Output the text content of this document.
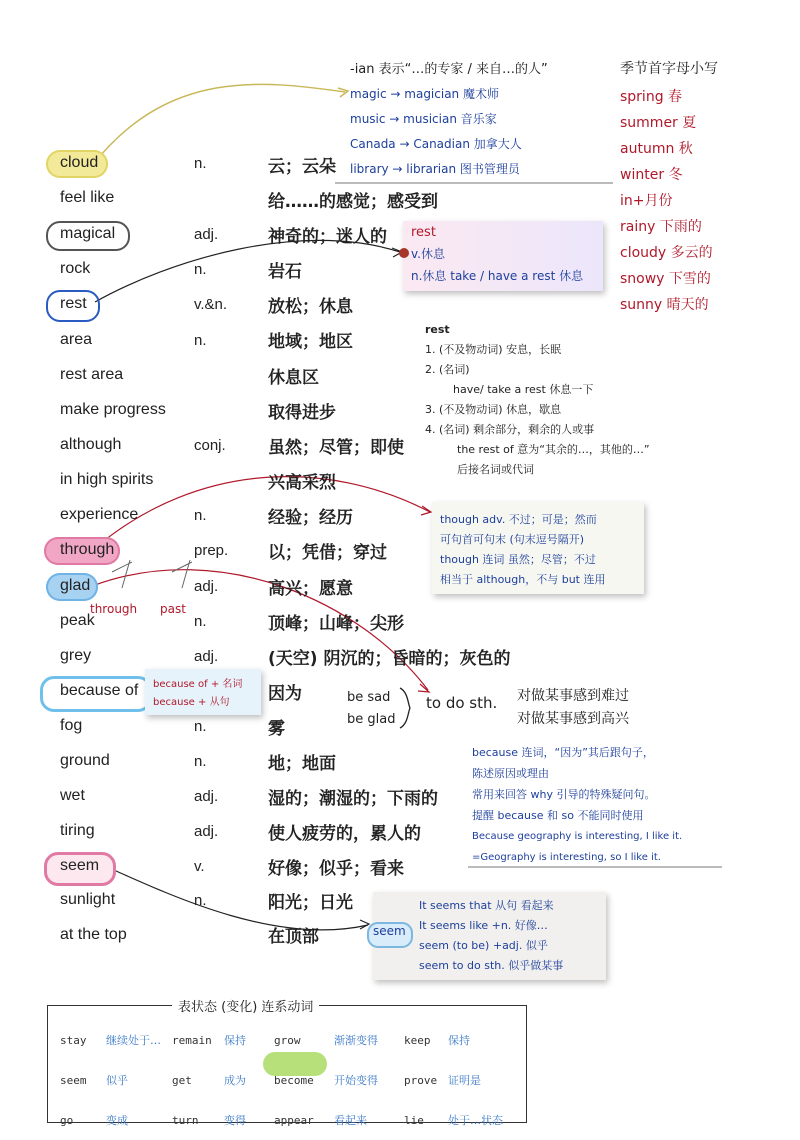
-ian 表示“…的专家 / 来自…的人”
magic → magician 魔术师
music → musician 音乐家
Canada → Canadian 加拿大人
library → librarian 图书管理员
季节首字母小写
spring 春
summer 夏
autumn 秋
winter 冬
in+月份
rainy 下雨的
cloudy 多云的
snowy 下雪的
sunny 晴天的
cloud	n.	云；云朵
feel like	给……的感觉；感受到
magical	adj.	神奇的；迷人的
rock	n.	岩石
rest	v.&n. 放松；休息
area	n.	地域；地区
rest area	休息区
make progress	取得进步
although	conj. 虽然；尽管；即使
in high spirits	兴高采烈
experience	n.	经验；经历
through	prep. 以；凭借；穿过
glad	adj.	高兴；愿意
peak	n.	顶峰；山峰；尖形
grey	adj.	(天空) 阴沉的；昏暗的；灰色的
because of	因为
fog	n.	雾
ground	n.	地；地面
wet	adj.	湿的；潮湿的；下雨的
tiring	adj.	使人疲劳的，累人的
seem	v.	好像；似乎；看来
sunlight	n.	阳光；日光
at the top	在顶部
rest
v.休息
n.休息 take / have a rest 休息
rest
1. (不及物动词) 安息，长眠
2. (名词)
have/ take a rest 休息一下
3. (不及物动词) 休息，歇息
4. (名词) 剩余部分，剩余的人或事
the rest of 意为“其余的…，其他的…”
后接名词或代词
though adv. 不过；可是；然而
可句首可句末 (句末逗号隔开)
though 连词 虽然；尽管；不过
相当于 although，不与 but 连用
through past
because of + 名词
because + 从句	be sad
be glad
to do sth. 对做某事感到难过
对做某事感到高兴
because 连词，“因为”其后跟句子，
陈述原因或理由
常用来回答 why 引导的特殊疑问句。
提醒 because 和 so 不能同时使用
Because geography is interesting, I like it.
=Geography is interesting, so I like it.
seem
It seems that 从句 看起来
It seems like +n. 好像…
seem (to be) +adj. 似乎
seem to do sth. 似乎做某事
表状态 (变化) 连系动词
stay	继续处于…	remain	保持	grow	渐渐变得	keep	保持
seem	似乎	get	成为	become	开始变得	prove	证明是
go	变成	turn	变得	appear	看起来	lie	处于…状态
